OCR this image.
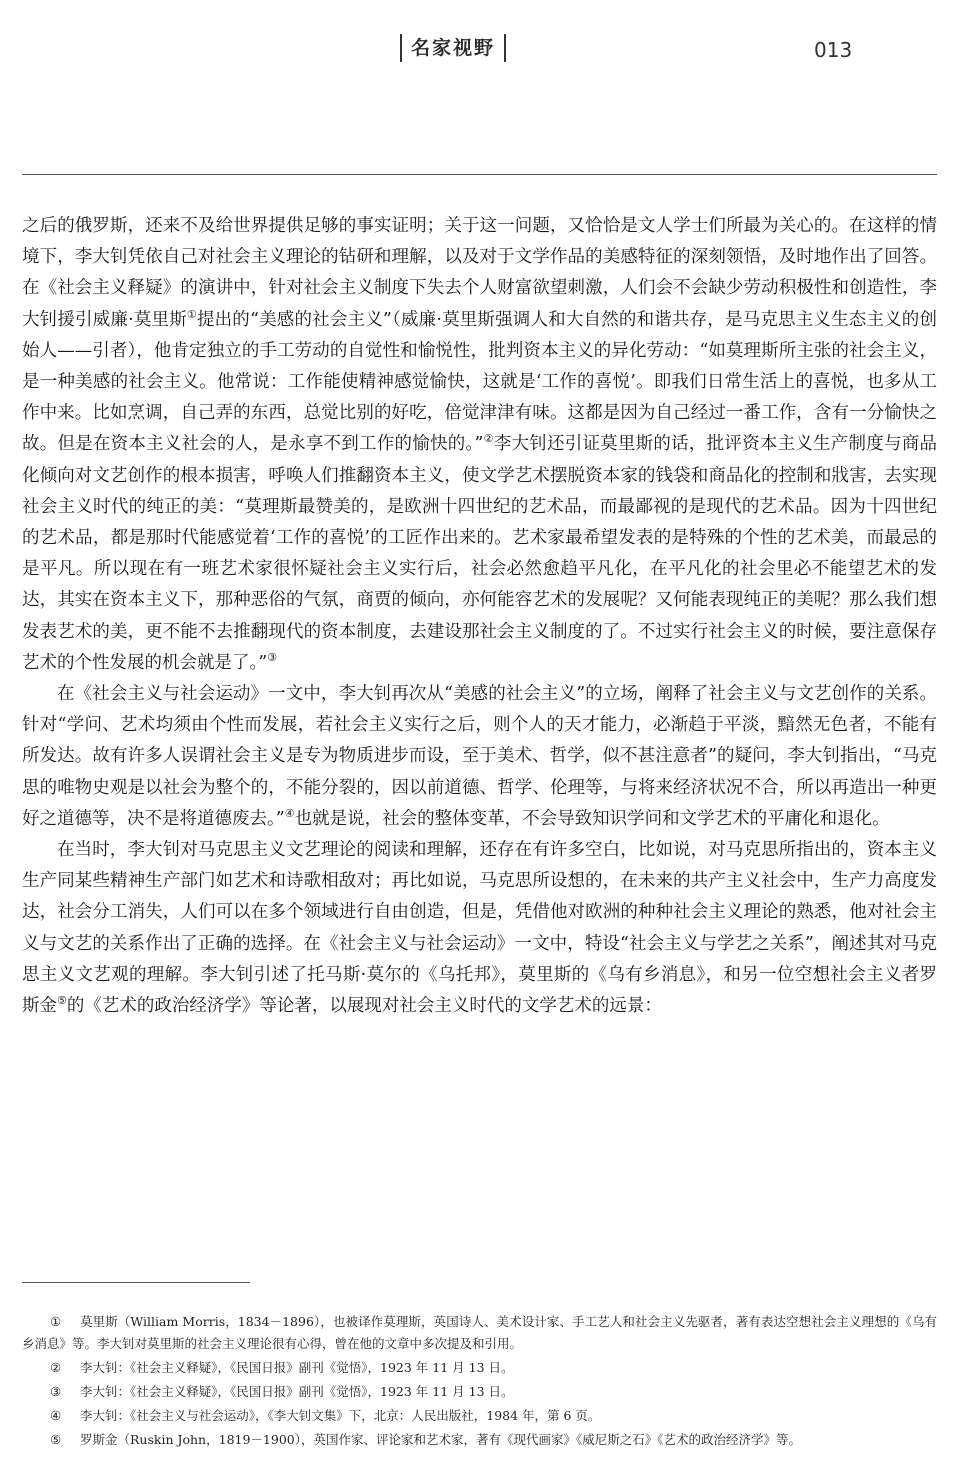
名家视野	013

之后的俄罗斯，还来不及给世界提供足够的事实证明；关于这一问题，又恰恰是文人学士们所最为关心的。在这样的情境下，李大钊凭依自己对社会主义理论的钻研和理解，以及对于文学作品的美感特征的深刻领悟，及时地作出了回答。在《社会主义释疑》的演讲中，针对社会主义制度下失去个人财富欲望刺激，人们会不会缺少劳动积极性和创造性，李大钊援引威廉·莫里斯①提出的“美感的社会主义”（威廉·莫里斯强调人和大自然的和谐共存，是马克思主义生态主义的创始人——引者），他肯定独立的手工劳动的自觉性和愉悦性，批判资本主义的异化劳动：“如莫理斯所主张的社会主义，是一种美感的社会主义。他常说：工作能使精神感觉愉快，这就是‘工作的喜悦’。即我们日常生活上的喜悦，也多从工作中来。比如烹调，自己弄的东西，总觉比别的好吃，倍觉津津有味。这都是因为自己经过一番工作，含有一分愉快之故。但是在资本主义社会的人，是永享不到工作的愉快的。”②李大钊还引证莫里斯的话，批评资本主义生产制度与商品化倾向对文艺创作的根本损害，呼唤人们推翻资本主义，使文学艺术摆脱资本家的钱袋和商品化的控制和戕害，去实现社会主义时代的纯正的美：“莫理斯最赞美的，是欧洲十四世纪的艺术品，而最鄙视的是现代的艺术品。因为十四世纪的艺术品，都是那时代能感觉着‘工作的喜悦’的工匠作出来的。艺术家最希望发表的是特殊的个性的艺术美，而最忌的是平凡。所以现在有一班艺术家很怀疑社会主义实行后，社会必然愈趋平凡化，在平凡化的社会里必不能望艺术的发达，其实在资本主义下，那种恶俗的气氛，商贾的倾向，亦何能容艺术的发展呢？又何能表现纯正的美呢？那么我们想发表艺术的美，更不能不去推翻现代的资本制度，去建设那社会主义制度的了。不过实行社会主义的时候，要注意保存艺术的个性发展的机会就是了。”③

在《社会主义与社会运动》一文中，李大钊再次从“美感的社会主义”的立场，阐释了社会主义与文艺创作的关系。针对“学问、艺术均须由个性而发展，若社会主义实行之后，则个人的天才能力，必渐趋于平淡，黯然无色者，不能有所发达。故有许多人误谓社会主义是专为物质进步而设，至于美术、哲学，似不甚注意者”的疑问，李大钊指出，“马克思的唯物史观是以社会为整个的，不能分裂的，因以前道德、哲学、伦理等，与将来经济状况不合，所以再造出一种更好之道德等，决不是将道德废去。”④也就是说，社会的整体变革，不会导致知识学问和文学艺术的平庸化和退化。

在当时，李大钊对马克思主义文艺理论的阅读和理解，还存在有许多空白，比如说，对马克思所指出的，资本主义生产同某些精神生产部门如艺术和诗歌相敌对；再比如说，马克思所设想的，在未来的共产主义社会中，生产力高度发达，社会分工消失，人们可以在多个领域进行自由创造，但是，凭借他对欧洲的种种社会主义理论的熟悉，他对社会主义与文艺的关系作出了正确的选择。在《社会主义与社会运动》一文中，特设“社会主义与学艺之关系”，阐述其对马克思主义文艺观的理解。李大钊引述了托马斯·莫尔的《乌托邦》，莫里斯的《乌有乡消息》，和另一位空想社会主义者罗斯金⑤的《艺术的政治经济学》等论著，以展现对社会主义时代的文学艺术的远景：

① 莫里斯（William Morris，1834－1896），也被译作莫理斯，英国诗人、美术设计家、手工艺人和社会主义先驱者，著有表达空想社会主义理想的《乌有乡消息》等。李大钊对莫里斯的社会主义理论很有心得，曾在他的文章中多次提及和引用。

② 李大钊：《社会主义释疑》，《民国日报》副刊《觉悟》，1923 年 11 月 13 日。

③ 李大钊：《社会主义释疑》，《民国日报》副刊《觉悟》，1923 年 11 月 13 日。

④ 李大钊：《社会主义与社会运动》，《李大钊文集》下，北京：人民出版社，1984 年，第 6 页。

⑤ 罗斯金（Ruskin John，1819－1900），英国作家、评论家和艺术家，著有《现代画家》《威尼斯之石》《艺术的政治经济学》等。
